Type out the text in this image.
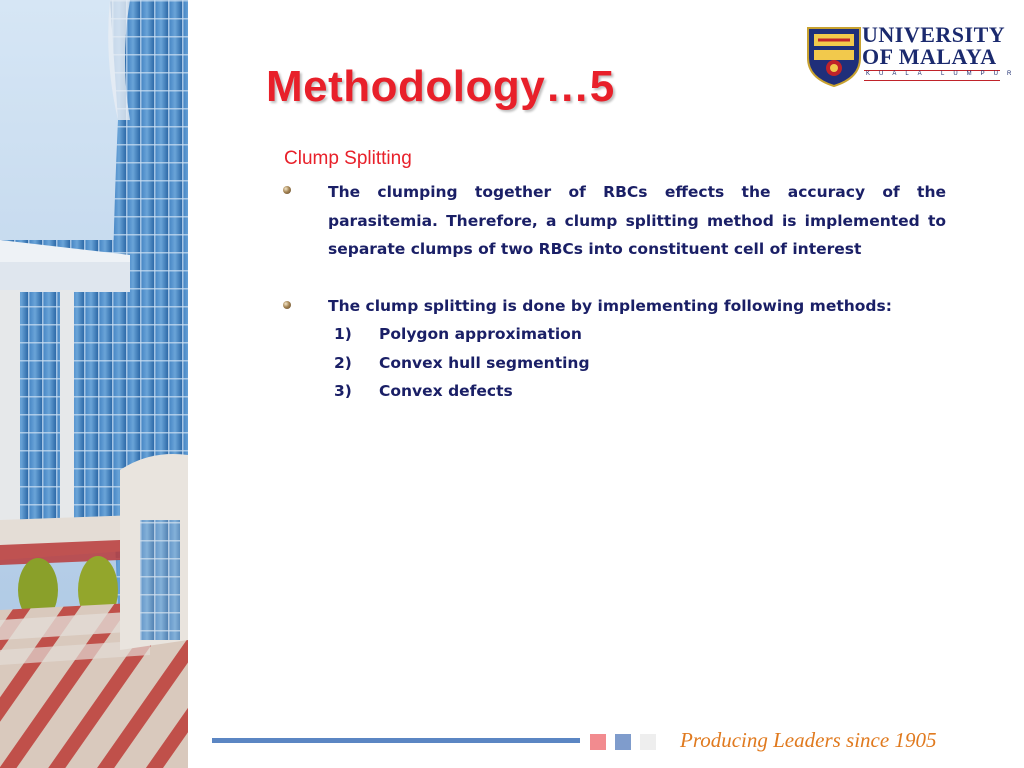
Methodology…5
UNIVERSITY
OF MALAYA
KUALA LUMPUR
Clump Splitting
The clumping together of RBCs effects the accuracy of the parasitemia. Therefore, a clump splitting method is implemented to separate clumps of two RBCs into constituent cell of interest
The clump splitting is done by implementing following methods:
1) Polygon approximation
2) Convex hull segmenting
3) Convex defects
Producing Leaders since 1905
